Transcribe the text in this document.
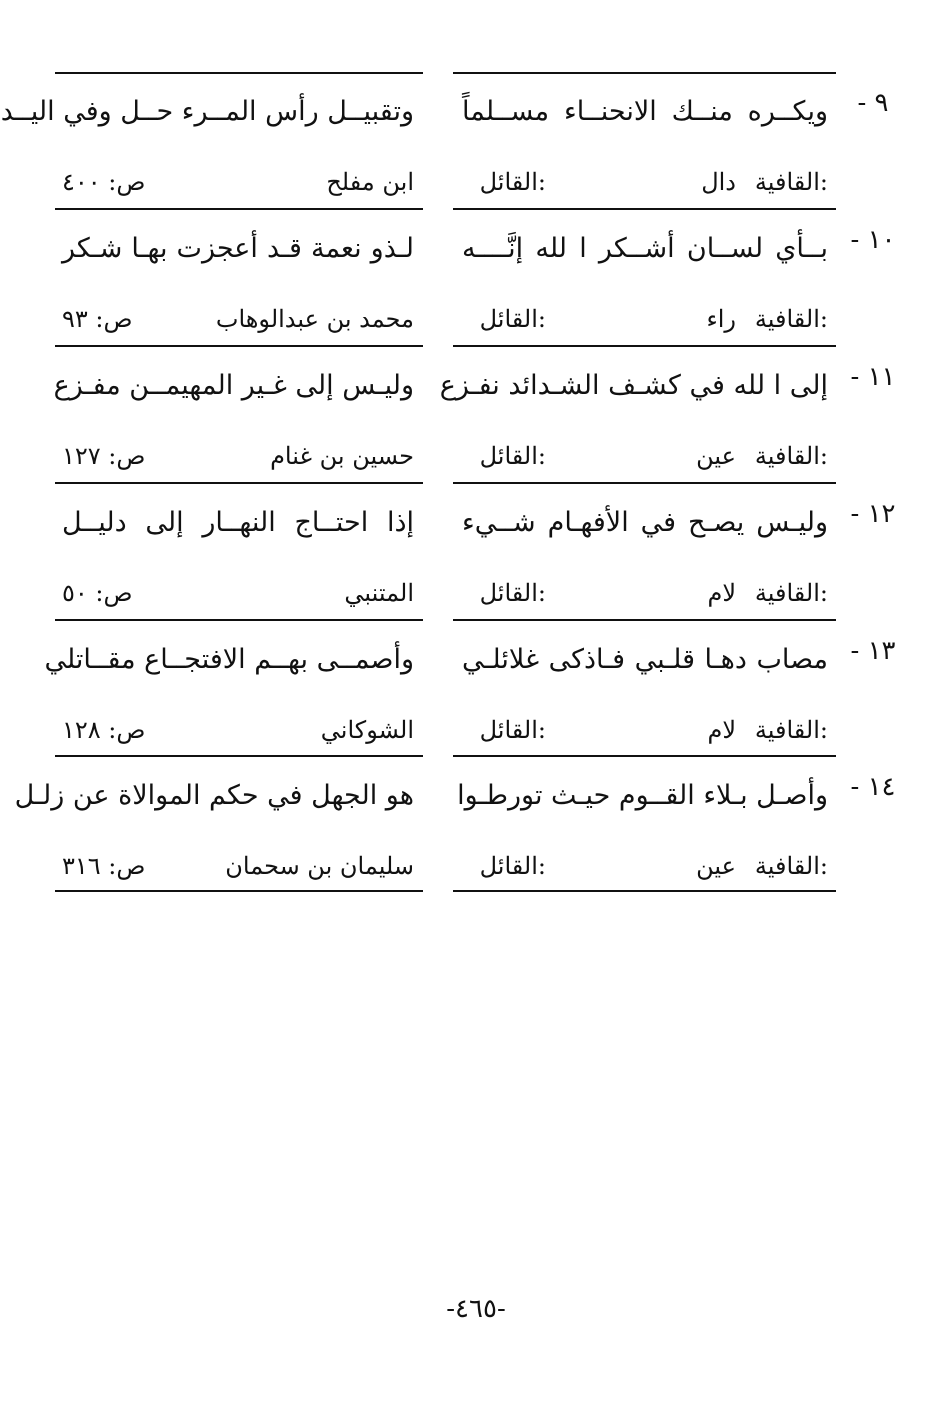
٩ -
ويكــره منــك الانحنــاء مســلماً
وتقبيــل رأس المــرء حــل وفي اليــد
القافية:
دال
القائل:
ابن مفلح
ص: ٤٠٠
١٠ -
بــأي لســان أشــكر ا لله إنَّــــه
لـذو نعمة قـد أعجزت بهـا شـكر
القافية:
راء
القائل:
محمد بن عبدالوهاب
ص: ٩٣
١١ -
إلى ا لله في كشـف الشـدائد نفـزع
وليـس إلى غـير المهيمــن مفـزع
القافية:
عين
القائل:
حسين بن غنام
ص: ١٢٧
١٢ -
وليـس يصـح في الأفهـام شــيء
إذا احتــاج النهــار إلى دليــل
القافية:
لام
القائل:
المتنبي
ص: ٥٠
١٣ -
مصاب دهـا قلـبي فـاذكى غلائلـي
وأصمــى بهــم الافتجــاع مقــاتلي
القافية:
لام
القائل:
الشوكاني
ص: ١٢٨
١٤ -
وأصـل بـلاء القــوم حيـث تورطـوا
هو الجهل في حكم الموالاة عن زلـل
القافية:
عين
القائل:
سليمان بن سحمان
ص: ٣١٦
-٤٦٥-
